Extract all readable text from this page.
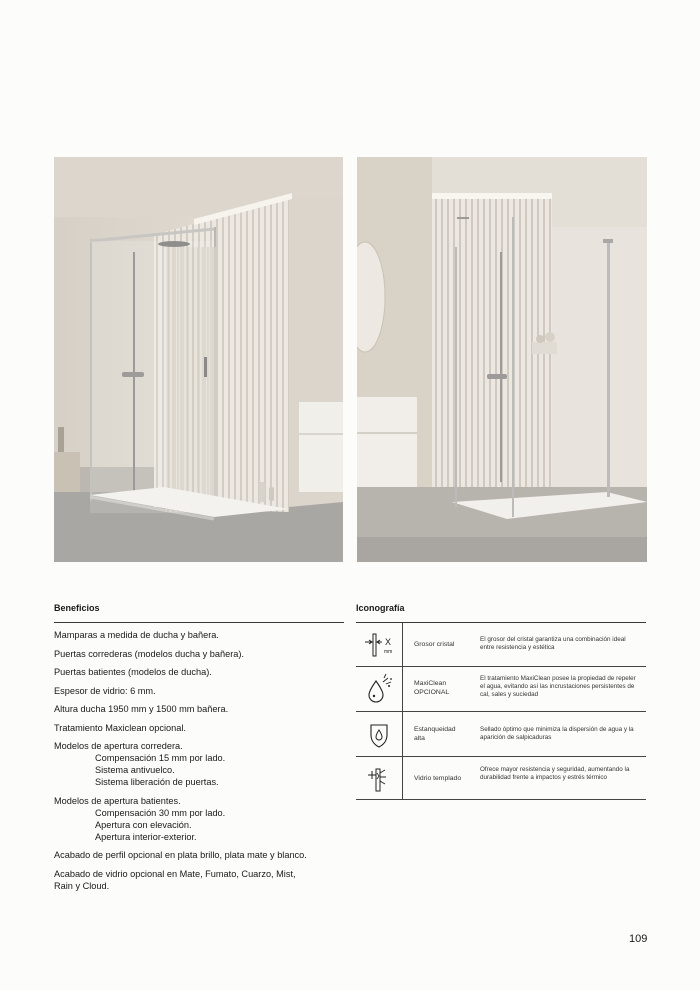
Beneficios
Mamparas a medida de ducha y bañera.
Puertas correderas (modelos ducha y bañera).
Puertas batientes (modelos de ducha).
Espesor de vidrio: 6 mm.
Altura ducha 1950 mm y 1500 mm bañera.
Tratamiento Maxiclean opcional.
Modelos de apertura corredera.
Compensación 15 mm por lado.
Sistema antivuelco.
Sistema liberación de puertas.
Modelos de apertura batientes.
Compensación 30 mm por lado.
Apertura con elevación.
Apertura interior-exterior.
Acabado de perfil opcional en plata brillo, plata mate y blanco.
Acabado de vidrio opcional en Mate, Fumato, Cuarzo, Mist, Rain y Cloud.
Iconografía
X
mm
Grosor cristal
El grosor del cristal garantiza una combinación ideal entre resistencia y estética
MaxiClean
OPCIONAL
El tratamiento MaxiClean posee la propiedad de repeler el agua, evitando así las incrustaciones persistentes de cal, sales y suciedad
Estanqueidad
alta
Sellado óptimo que minimiza la dispersión de agua y la aparición de salpicaduras
Vidrio templado
Ofrece mayor resistencia y seguridad, aumentando la durabilidad frente a impactos y estrés térmico
109
